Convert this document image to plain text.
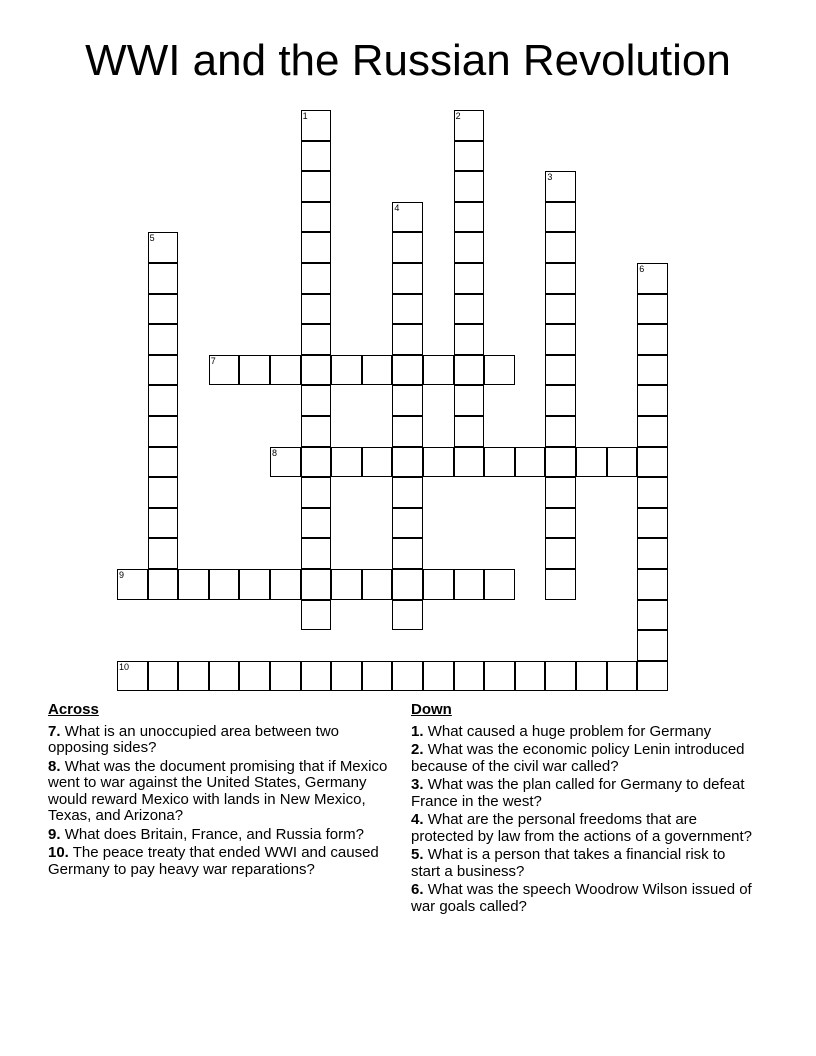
WWI and the Russian Revolution
1	2
3
4
5
6
7
8
9
10
Across
7. What is an unoccupied area between two opposing sides?
8. What was the document promising that if Mexico went to war against the United States, Germany would reward Mexico with lands in New Mexico, Texas, and Arizona?
9. What does Britain, France, and Russia form?
10. The peace treaty that ended WWI and caused Germany to pay heavy war reparations?
Down
1. What caused a huge problem for Germany
2. What was the economic policy Lenin introduced because of the civil war called?
3. What was the plan called for Germany to defeat France in the west?
4. What are the personal freedoms that are protected by law from the actions of a government?
5. What is a person that takes a financial risk to start a business?
6. What was the speech Woodrow Wilson issued of war goals called?
